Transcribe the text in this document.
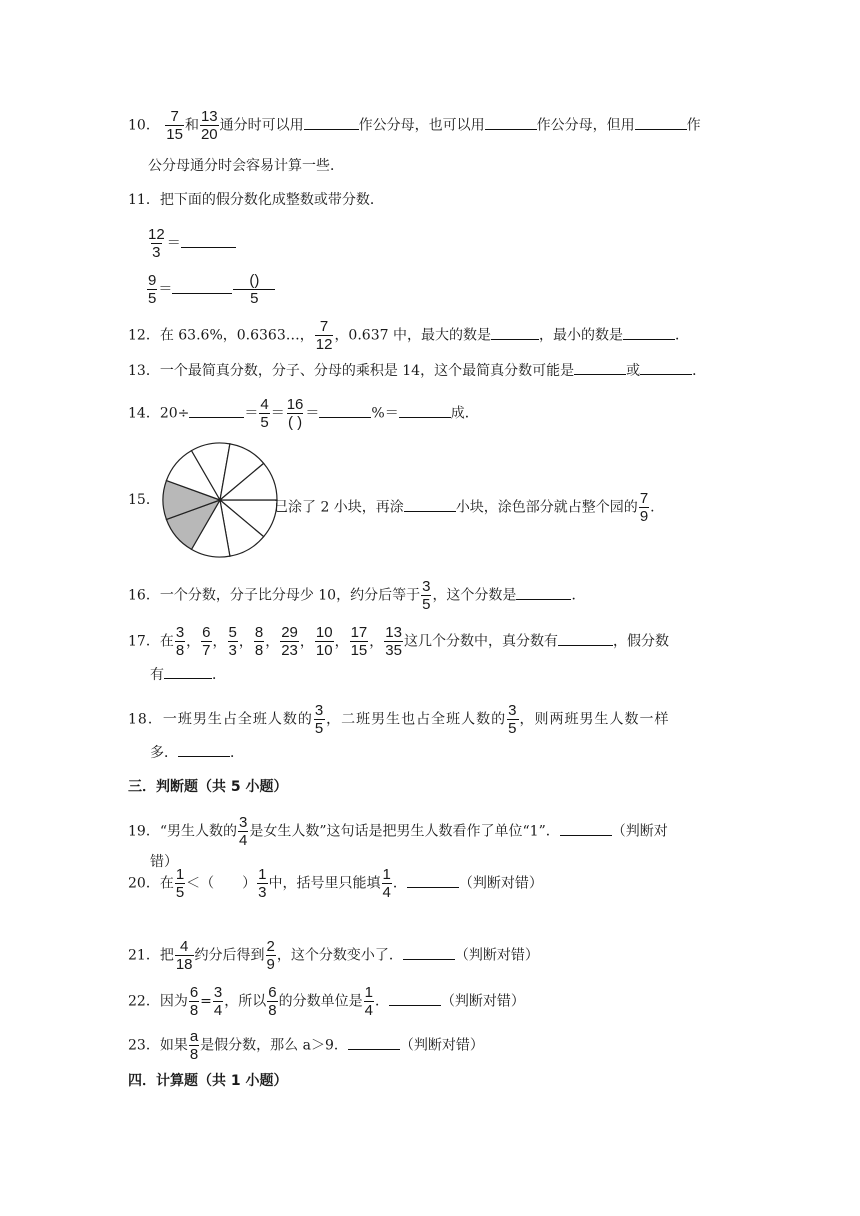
10． $\frac{7}{15}$ 和 $\frac{13}{20}$ 通分时可以用	作公分母，也可以用	作公分母，但用	作
公分母通分时会容易计算一些．
11．把下面的假分数化成整数或带分数．
$\frac{12}{3}$ ＝
$\frac{9}{5}$ ＝	$\frac{()}{5}$
12．在 63.6%，0.6363…， $\frac{7}{12}$ ，0.637 中，最大的数是	，最小的数是	．
13．一个最简真分数，分子、分母的乘积是 14，这个最简真分数可能是	或	．
14．20÷	＝ $\frac{4}{5} = \frac{16}{( )}$ ＝	%＝	成．
15．	已涂了 2 小块，再涂	小块，涂色部分就占整个园的 $\frac{7}{9}$ .
16．一个分数，分子比分母少 10，约分后等于 $\frac{3}{5}$ ，这个分数是	．
17．在 $\frac{3}{8}$ ， $\frac{6}{7}$ ， $\frac{5}{3}$ ， $\frac{8}{8}$ ， $\frac{29}{23}$ ， $\frac{10}{10}$ ， $\frac{17}{15}$ ， $\frac{13}{35}$ 这几个分数中，真分数有	，假分数
有	．
18．一班男生占全班人数的 $\frac{3}{5}$ ，二班男生也占全班人数的 $\frac{3}{5}$ ，则两班男生人数一样
多．	．
三．判断题（共 5 小题）
19．“男生人数的 $\frac{3}{4}$ 是女生人数”这句话是把男生人数看作了单位“1”．	（判断对
错）
20．在 $\frac{1}{5}$ ＜（　　） $\frac{1}{3}$ 中，括号里只能填 $\frac{1}{4}$ ．	（判断对错）
21．把 $\frac{4}{18}$ 约分后得到 $\frac{2}{9}$ ，这个分数变小了．	（判断对错）
22．因为 $\frac{6}{8} = \frac{3}{4}$ ，所以 $\frac{6}{8}$ 的分数单位是 $\frac{1}{4}$ ．	（判断对错）
23．如果 $\frac{a}{8}$ 是假分数，那么 a＞9．	（判断对错）
四．计算题（共 1 小题）
